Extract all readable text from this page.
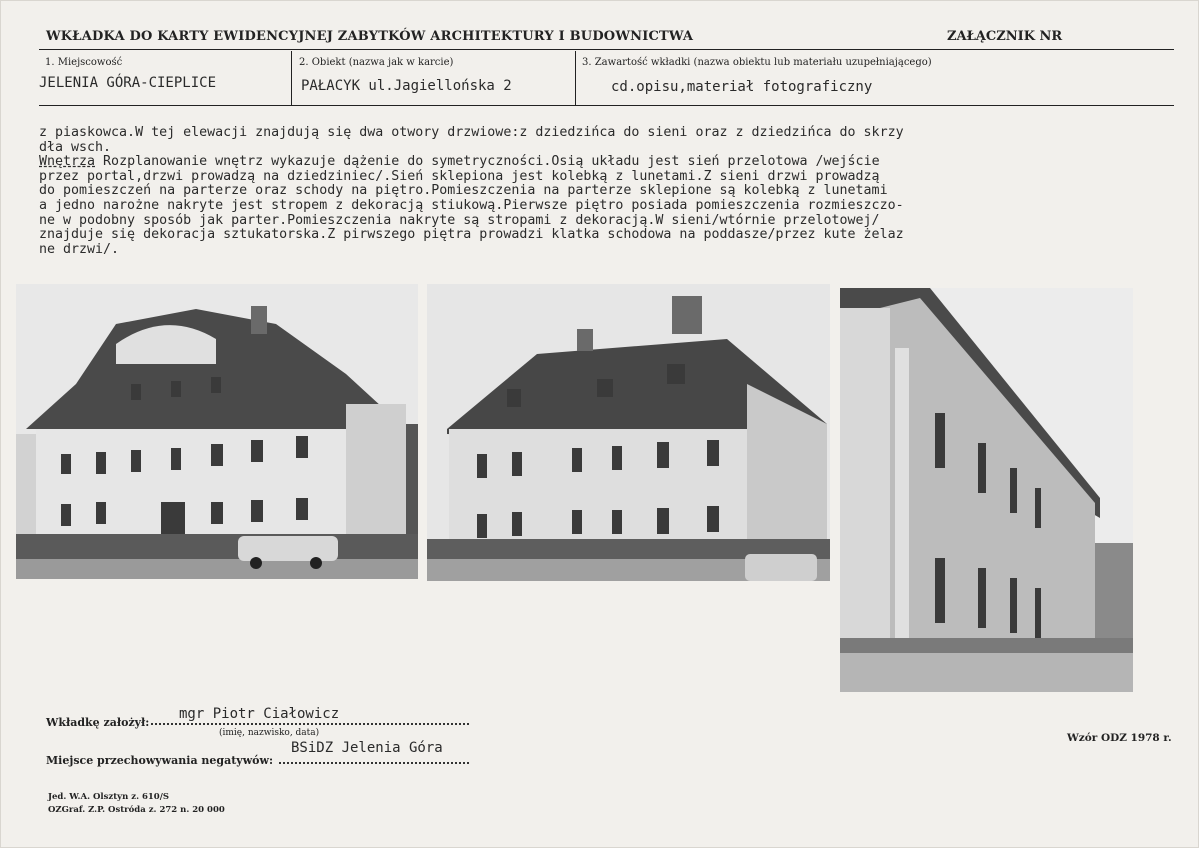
WKŁADKA DO KARTY EWIDENCYJNEJ ZABYTKÓW ARCHITEKTURY I BUDOWNICTWA	ZAŁĄCZNIK NR
1. Miejscowość	2. Obiekt (nazwa jak w karcie)	3. Zawartość wkładki (nazwa obiektu lub materiału uzupełniającego)
JELENIA GÓRA-CIEPLICE	PAŁACYK ul.Jagiellońska 2	cd.opisu,materiał fotograficzny
z piaskowca.W tej elewacji znajdują się dwa otwory drzwiowe:z dziedzińca do sieni oraz z dziedzińca do skrzy
dła wsch.
Wnętrza Rozplanowanie wnętrz wykazuje dążenie do symetryczności.Osią układu jest sień przelotowa /wejście
przez portal,drzwi prowadzą na dziedziniec/.Sień sklepiona jest kolebką z lunetami.Z sieni drzwi prowadzą
do pomieszczeń na parterze oraz schody na piętro.Pomieszczenia na parterze sklepione są kolebką z lunetami
a jedno narożne nakryte jest stropem z dekoracją stiukową.Pierwsze piętro posiada pomieszczenia rozmieszczo-
ne w podobny sposób jak parter.Pomieszczenia nakryte są stropami z dekoracją.W sieni/wtórnie przelotowej/
znajduje się dekoracja sztukatorska.Z pirwszego piętra prowadzi klatka schodowa na poddasze/przez kute żelaz
ne drzwi/.
Wkładkę założył:
mgr Piotr Ciałowicz
(imię, nazwisko, data)
BSiDZ Jelenia Góra
Miejsce przechowywania negatywów:
Wzór ODZ 1978 r.
Jed. W.A. Olsztyn z. 610/S
OZGraf. Z.P. Ostróda z. 272 n. 20 000
